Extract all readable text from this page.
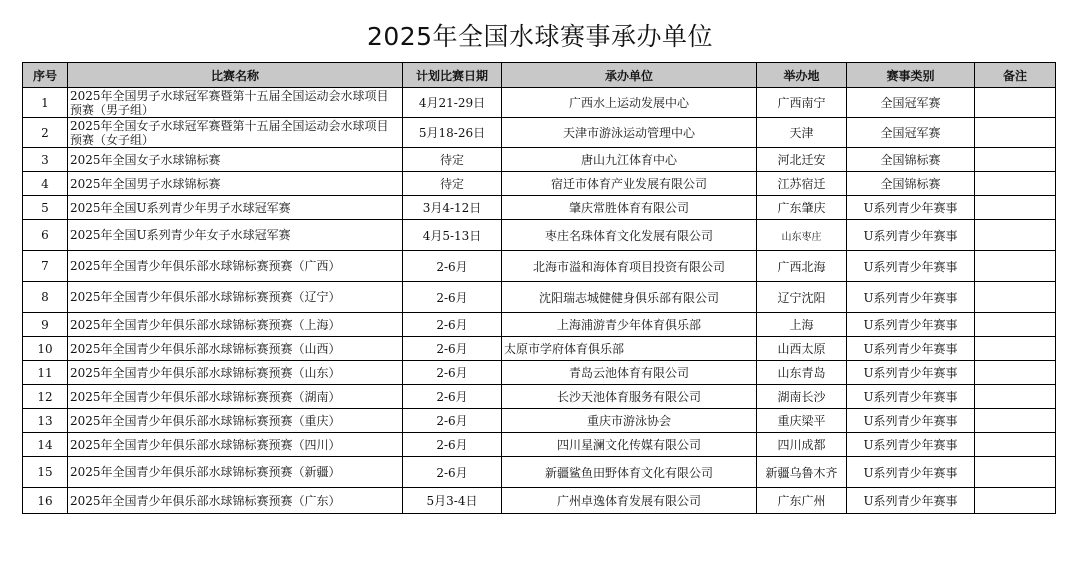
2025年全国水球赛事承办单位
序号	比赛名称	计划比赛日期	承办单位	举办地	赛事类别	备注
1	2025年全国男子水球冠军赛暨第十五届全国运动会水球项目预赛（男子组）	4月21-29日	广西水上运动发展中心	广西南宁	全国冠军赛	
2	2025年全国女子水球冠军赛暨第十五届全国运动会水球项目预赛（女子组）	5月18-26日	天津市游泳运动管理中心	天津	全国冠军赛	
3	2025年全国女子水球锦标赛	待定	唐山九江体育中心	河北迁安	全国锦标赛	
4	2025年全国男子水球锦标赛	待定	宿迁市体育产业发展有限公司	江苏宿迁	全国锦标赛	
5	2025年全国U系列青少年男子水球冠军赛	3月4-12日	肇庆常胜体育有限公司	广东肇庆	U系列青少年赛事	
6	2025年全国U系列青少年女子水球冠军赛	4月5-13日	枣庄名珠体育文化发展有限公司	山东枣庄	U系列青少年赛事	
7	2025年全国青少年俱乐部水球锦标赛预赛（广西）	2-6月	北海市溢和海体育项目投资有限公司	广西北海	U系列青少年赛事	
8	2025年全国青少年俱乐部水球锦标赛预赛（辽宁）	2-6月	沈阳瑞志城健健身俱乐部有限公司	辽宁沈阳	U系列青少年赛事	
9	2025年全国青少年俱乐部水球锦标赛预赛（上海）	2-6月	上海浦游青少年体育俱乐部	上海	U系列青少年赛事	
10	2025年全国青少年俱乐部水球锦标赛预赛（山西）	2-6月	太原市学府体育俱乐部	山西太原	U系列青少年赛事	
11	2025年全国青少年俱乐部水球锦标赛预赛（山东）	2-6月	青岛云池体育有限公司	山东青岛	U系列青少年赛事	
12	2025年全国青少年俱乐部水球锦标赛预赛（湖南）	2-6月	长沙天池体育服务有限公司	湖南长沙	U系列青少年赛事	
13	2025年全国青少年俱乐部水球锦标赛预赛（重庆）	2-6月	重庆市游泳协会	重庆梁平	U系列青少年赛事	
14	2025年全国青少年俱乐部水球锦标赛预赛（四川）	2-6月	四川星澜文化传媒有限公司	四川成都	U系列青少年赛事	
15	2025年全国青少年俱乐部水球锦标赛预赛（新疆）	2-6月	新疆鲨鱼田野体育文化有限公司	新疆乌鲁木齐	U系列青少年赛事	
16	2025年全国青少年俱乐部水球锦标赛预赛（广东）	5月3-4日	广州卓逸体育发展有限公司	广东广州	U系列青少年赛事	
